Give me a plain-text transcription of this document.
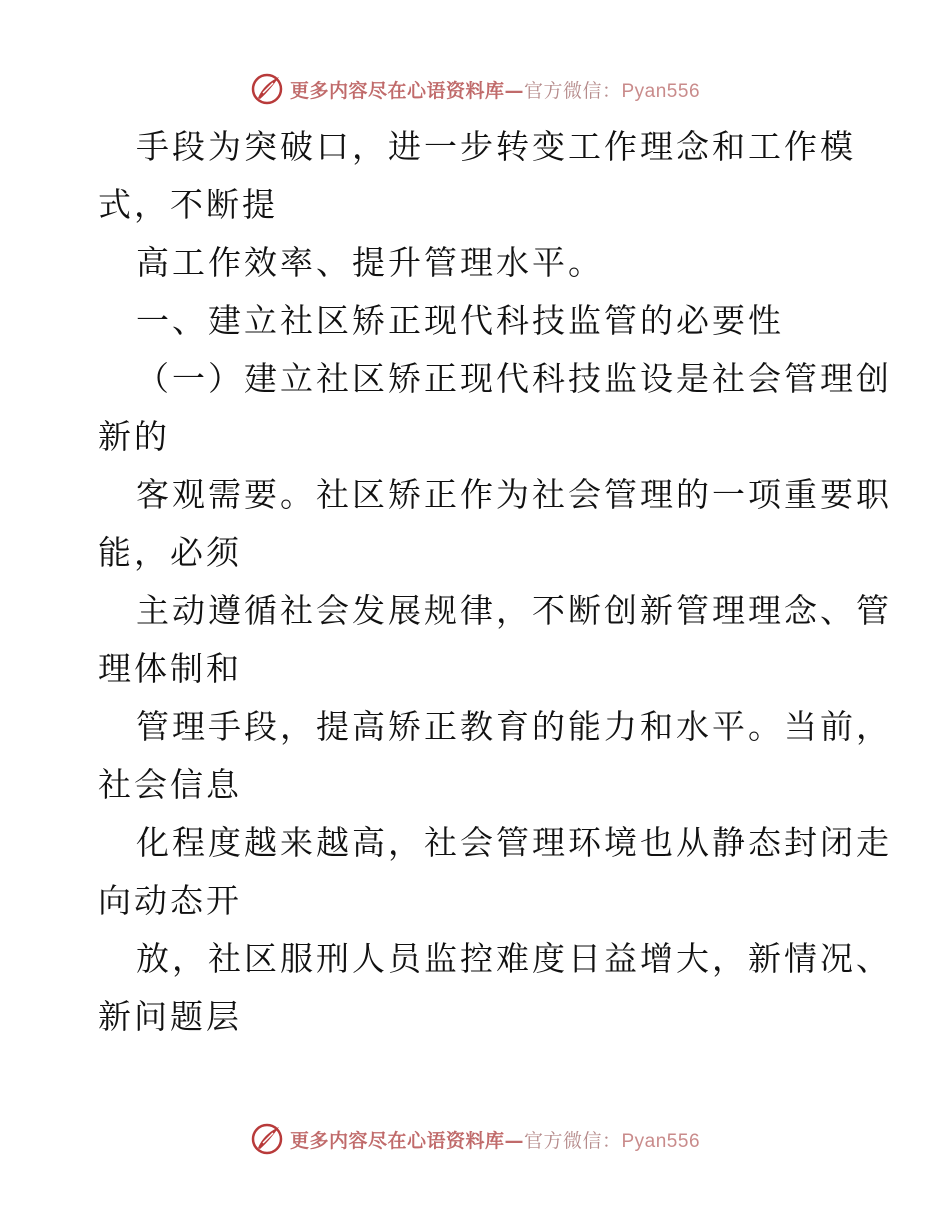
更多内容尽在心语资料库—官方微信：Pyan556
手段为突破口，进一步转变工作理念和工作模
式，不断提
高工作效率、提升管理水平。
一、建立社区矫正现代科技监管的必要性
（一）建立社区矫正现代科技监设是社会管理创
新的
客观需要。社区矫正作为社会管理的一项重要职
能，必须
主动遵循社会发展规律，不断创新管理理念、管
理体制和
管理手段，提高矫正教育的能力和水平。当前，
社会信息
化程度越来越高，社会管理环境也从静态封闭走
向动态开
放，社区服刑人员监控难度日益增大，新情况、
新问题层
更多内容尽在心语资料库—官方微信：Pyan556
